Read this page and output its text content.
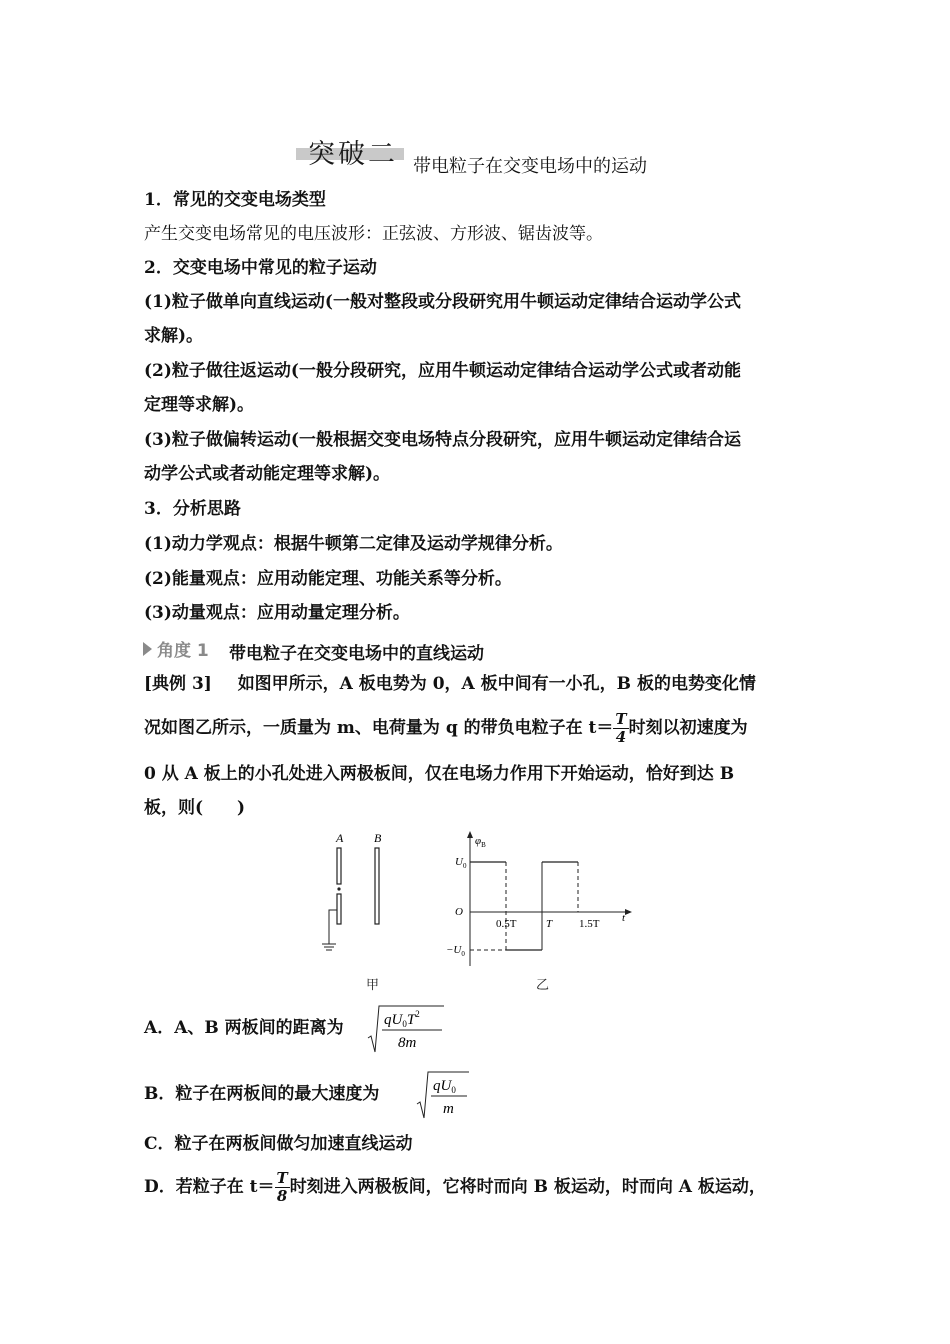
突破二 带电粒子在交变电场中的运动
1．常见的交变电场类型
产生交变电场常见的电压波形：正弦波、方形波、锯齿波等。
2．交变电场中常见的粒子运动
(1)粒子做单向直线运动(一般对整段或分段研究用牛顿运动定律结合运动学公式
求解)。
(2)粒子做往返运动(一般分段研究，应用牛顿运动定律结合运动学公式或者动能
定理等求解)。
(3)粒子做偏转运动(一般根据交变电场特点分段研究，应用牛顿运动定律结合运
动学公式或者动能定理等求解)。
3．分析思路
(1)动力学观点：根据牛顿第二定律及运动学规律分析。
(2)能量观点：应用动能定理、功能关系等分析。
(3)动量观点：应用动量定理分析。
角度 1 带电粒子在交变电场中的直线运动
[典例 3] 如图甲所示，A 板电势为 0，A 板中间有一小孔，B 板的电势变化情
况如图乙所示，一质量为 m、电荷量为 q 的带负电粒子在 $t= \frac{T}{4}$ 时刻以初速度为
0 从 A 板上的小孔处进入两极板间，仅在电场力作用下开始运动，恰好到达 B
板，则(　　)
A	B	$\varphi_B$
t
O
$U_0$
$-U_0$
0.5T	T 1.5T
甲	乙
A．A、B 两板间的距离为	$qU_0T^2$
8m
B．粒子在两板间的最大速度为	$qU_0$
m
C．粒子在两板间做匀加速直线运动
D．若粒子在 $t= \frac{T}{8}$ 时刻进入两极板间，它将时而向 B 板运动，时而向 A 板运动，
